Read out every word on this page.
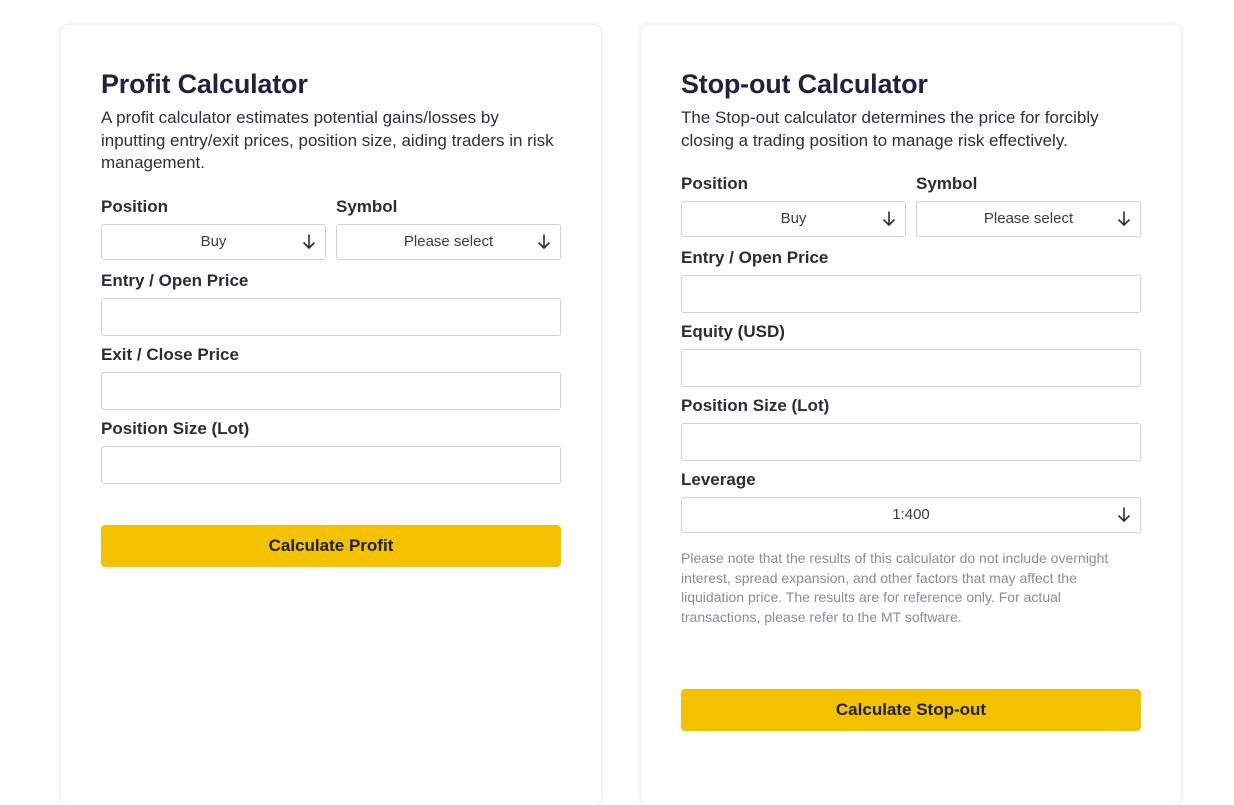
Profit Calculator

A profit calculator estimates potential gains/losses by inputting entry/exit prices, position size, aiding traders in risk management.

Position	Symbol
Buy	Please select
Entry / Open Price
Exit / Close Price
Position Size (Lot)
Calculate Profit
Stop-out Calculator

The Stop-out calculator determines the price for forcibly closing a trading position to manage risk effectively.

Position	Symbol
Buy	Please select
Entry / Open Price
Equity (USD)
Position Size (Lot)
Leverage
1:400

Please note that the results of this calculator do not include overnight interest, spread expansion, and other factors that may affect the liquidation price. The results are for reference only. For actual transactions, please refer to the MT software.

Calculate Stop-out
